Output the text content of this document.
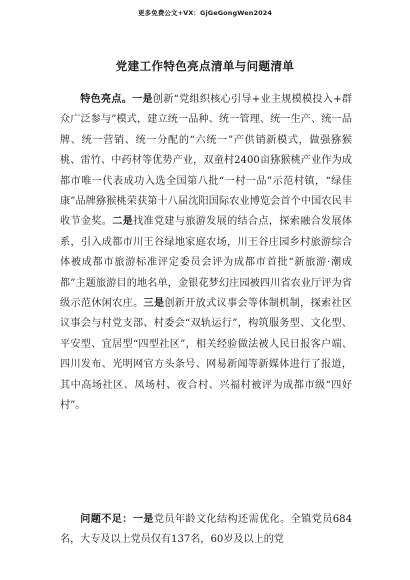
更多免费公文+VX：GjGeGongWen2024
党建工作特色亮点清单与问题清单

特色亮点。一是创新“党组织核心引导+业主规模模投入+群众广泛参与”模式，建立统一品种、统一管理、统一生产、统一品牌、统一营销、统一分配的“六统一”产供销新模式，做强猕猴桃、雷竹、中药材等优势产业，双童村2400亩猕猴桃产业作为成都市唯一代表成功入选全国第八批“一村一品”示范村镇，“绿佳康”品牌猕猴桃荣获第十八届沈阳国际农业博览会首个中国农民丰收节金奖。二是找准党建与旅游发展的结合点，探索融合发展体系，引入成都市川王谷绿地家庭农场，川王谷庄园乡村旅游综合体被成都市旅游标准评定委员会评为成都市首批“新旅游·潮成都”主题旅游目的地名单，金银花梦幻庄园被四川省农业厅评为省级示范休闲农庄。三是创新开放式议事会等体制机制，探索社区议事会与村党支部、村委会“双轨运行”，构筑服务型、文化型、平安型、宜居型“四型社区”，相关经验做法被人民日报客户端、四川发布、光明网官方头条号、网易新闻等新媒体进行了报道，其中高场社区、凤场村、夜合村、兴福村被评为成都市级“四好村”。

问题不足：一是党员年龄文化结构还需优化。全镇党员684名，大专及以上党员仅有137名，60岁及以上的党
